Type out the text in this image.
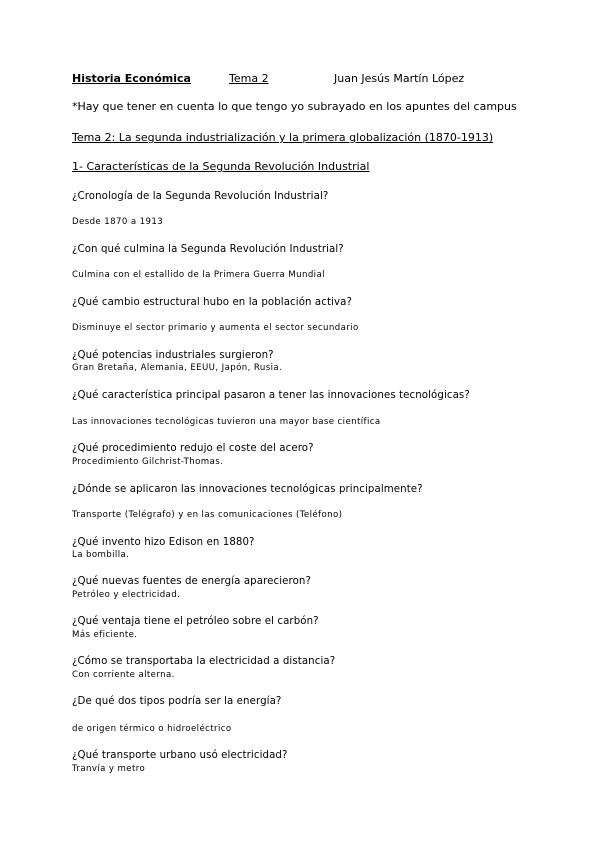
Historia Económica	Tema 2	Juan Jesús Martín López
*Hay que tener en cuenta lo que tengo yo subrayado en los apuntes del campus
Tema 2: La segunda industrialización y la primera globalización (1870-1913)
1- Características de la Segunda Revolución Industrial
¿Cronología de la Segunda Revolución Industrial?
Desde 1870 a 1913
¿Con qué culmina la Segunda Revolución Industrial?
Culmina con el estallido de la Primera Guerra Mundial
¿Qué cambio estructural hubo en la población activa?
Disminuye el sector primario y aumenta el sector secundario
¿Qué potencias industriales surgieron?
Gran Bretaña, Alemania, EEUU, Japón, Rusia.
¿Qué característica principal pasaron a tener las innovaciones tecnológicas?
Las innovaciones tecnológicas tuvieron una mayor base científica
¿Qué procedimiento redujo el coste del acero?
Procedimiento Gilchrist-Thomas.
¿Dónde se aplicaron las innovaciones tecnológicas principalmente?
Transporte (Telégrafo) y en las comunicaciones (Teléfono)
¿Qué invento hizo Edison en 1880?
La bombilla.
¿Qué nuevas fuentes de energía aparecieron?
Petróleo y electricidad.
¿Qué ventaja tiene el petróleo sobre el carbón?
Más eficiente.
¿Cómo se transportaba la electricidad a distancia?
Con corriente alterna.
¿De qué dos tipos podría ser la energía?
de origen térmico o hidroeléctrico
¿Qué transporte urbano usó electricidad?
Tranvía y metro
